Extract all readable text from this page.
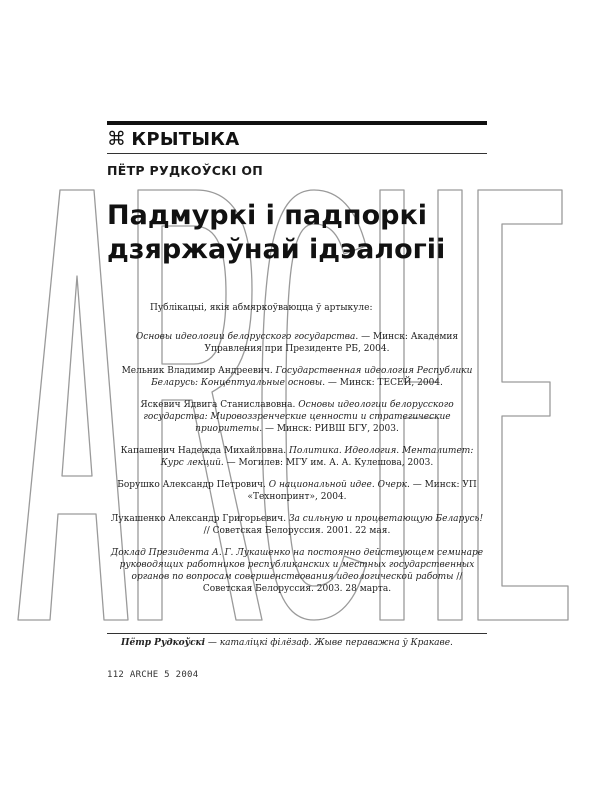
⌘ КРЫТЫКА
ПЁТР РУДКОЎСКІ ОП
Падмуркі і падпоркі
дзяржаўнай ідэалогіі
Публікацыі, якія абмяркоўваюцца ў артыкуле:
Основы идеологии белорусского государства. — Минск: Академия Управления при Президенте РБ, 2004.
Мельник Владимир Андреевич. Государственная идеология Республики Беларусь: Концептуальные основы. — Минск: ТЕСЕЙ, 2004.
Яскевич Ядвига Станиславовна. Основы идеологии белорусского государства: Мировоззренческие ценности и стратегические приоритеты. — Минск: РИВШ БГУ, 2003.
Капашевич Надежда Михайловна. Политика. Идеология. Менталитет: Курс лекций. — Могилев: МГУ им. А. А. Кулешова, 2003.
Борушко Александр Петрович. О национальной идее. Очерк. — Минск: УП «Технопринт», 2004.
Лукашенко Александр Григорьевич. За сильную и процветающую Беларусь! // Советская Белоруссия. 2001. 22 мая.
Доклад Президента А. Г. Лукашенко на постоянно действующем семинаре руководящих работников республиканских и местных государственных органов по вопросам совершенствования идеологической работы // Советская Белоруссия. 2003. 28 марта.
Пётр Рудкоўскі — каталіцкі філёзаф. Жыве пераважна ў Кракаве.
112 ARCHE 5 2004
